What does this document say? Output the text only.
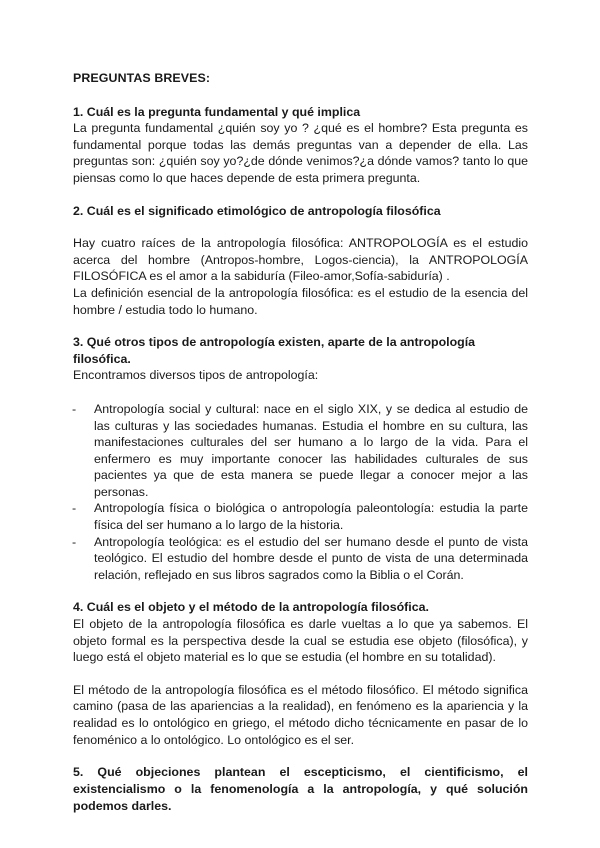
PREGUNTAS BREVES:
1. Cuál es la pregunta fundamental y qué implica

La pregunta fundamental ¿quién soy yo ? ¿qué es el hombre? Esta pregunta es fundamental porque todas las demás preguntas van a depender de ella. Las preguntas son: ¿quién soy yo?¿de dónde venimos?¿a dónde vamos? tanto lo que piensas como lo que haces depende de esta primera pregunta.

2. Cuál es el significado etimológico de antropología filosófica

Hay cuatro raíces de la antropología filosófica: ANTROPOLOGÍA es el estudio acerca del hombre (Antropos-hombre, Logos-ciencia), la ANTROPOLOGÍA FILOSÓFICA es el amor a la sabiduría (Fileo-amor,Sofía-sabiduría) .

La definición esencial de la antropología filosófica: es el estudio de la esencia del hombre / estudia todo lo humano.

3. Qué otros tipos de antropología existen, aparte de la antropología filosófica.

Encontramos diversos tipos de antropología:

- Antropología social y cultural: nace en el siglo XIX, y se dedica al estudio de las culturas y las sociedades humanas. Estudia el hombre en su cultura, las manifestaciones culturales del ser humano a lo largo de la vida. Para el enfermero es muy importante conocer las habilidades culturales de sus pacientes ya que de esta manera se puede llegar a conocer mejor a las personas.
- Antropología física o biológica o antropología paleontología: estudia la parte física del ser humano a lo largo de la historia.
- Antropología teológica: es el estudio del ser humano desde el punto de vista teológico. El estudio del hombre desde el punto de vista de una determinada relación, reflejado en sus libros sagrados como la Biblia o el Corán.
4. Cuál es el objeto y el método de la antropología filosófica.

El objeto de la antropología filosófica es darle vueltas a lo que ya sabemos. El objeto formal es la perspectiva desde la cual se estudia ese objeto (filosófica), y luego está el objeto material es lo que se estudia (el hombre en su totalidad).

El método de la antropología filosófica es el método filosófico. El método significa camino (pasa de las apariencias a la realidad), en fenómeno es la apariencia y la realidad es lo ontológico en griego, el método dicho técnicamente en pasar de lo fenoménico a lo ontológico. Lo ontológico es el ser.

5. Qué objeciones plantean el escepticismo, el cientificismo, el existencialismo o la fenomenología a la antropología, y qué solución podemos darles.
